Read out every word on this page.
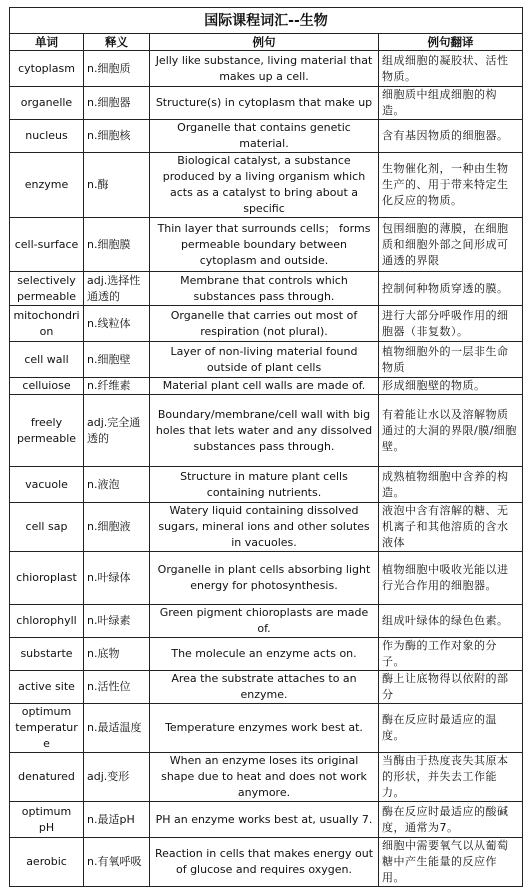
国际课程词汇--生物			
单词	释义	例句	例句翻译
cytoplasm	n.细胞质	Jelly like substance, living material that makes up a cell.	组成细胞的凝胶状、活性物质。
organelle	n.细胞器	Structure(s) in cytoplasm that make up	细胞质中组成细胞的构造。
nucleus	n.细胞核	Organelle that contains genetic material.	含有基因物质的细胞器。
enzyme	n.酶	Biological catalyst, a substance produced by a living organism which acts as a catalyst to bring about a specific	生物催化剂，一种由生物生产的、用于带来特定生化反应的物质。
cell-surface	n.细胞膜	Thin layer that surrounds cells； forms permeable boundary between cytoplasm and outside.	包围细胞的薄膜，在细胞质和细胞外部之间形成可通透的界限
selectively permeable	adj.选择性通透的	Membrane that controls which substances pass through.	控制何种物质穿透的膜。
mitochondrion	n.线粒体	Organelle that carries out most of respiration (not plural).	进行大部分呼吸作用的细胞器（非复数）。
cell wall	n.细胞壁	Layer of non-living material found outside of plant cells	植物细胞外的一层非生命物质
celluiose	n.纤维素	Material plant cell walls are made of.	形成细胞壁的物质。
freely permeable	adj.完全通透的	Boundary/membrane/cell wall with big holes that lets water and any dissolved substances pass through.	有着能让水以及溶解物质通过的大洞的界限/膜/细胞壁。
vacuole	n.液泡	Structure in mature plant cells containing nutrients.	成熟植物细胞中含养的构造。
cell sap	n.细胞液	Watery liquid containing dissolved sugars, mineral ions and other solutes in vacuoles.	液泡中含有溶解的糖、无机离子和其他溶质的含水液体
chioroplast	n.叶绿体	Organelle in plant cells absorbing light energy for photosynthesis.	植物细胞中吸收光能以进行光合作用的细胞器。
chlorophyll	n.叶绿素	Green pigment chioroplasts are made of.	组成叶绿体的绿色色素。
substarte	n.底物	The molecule an enzyme acts on.	作为酶的工作对象的分子。
active site	n.活性位	Area the substrate attaches to an enzyme.	酶上让底物得以依附的部分
optimum temperature	n.最适温度	Temperature enzymes work best at.	酶在反应时最适应的温度。
denatured	adj.变形	When an enzyme loses its original shape due to heat and does not work anymore.	当酶由于热度丧失其原本的形状，并失去工作能力。
optimum pH	n.最适pH	PH an enzyme works best at, usually 7.	酶在反应时最适应的酸碱度，通常为7。
aerobic	n.有氧呼吸	Reaction in cells that makes energy out of glucose and requires oxygen.	细胞中需要氧气以从葡萄糖中产生能量的反应作用。
